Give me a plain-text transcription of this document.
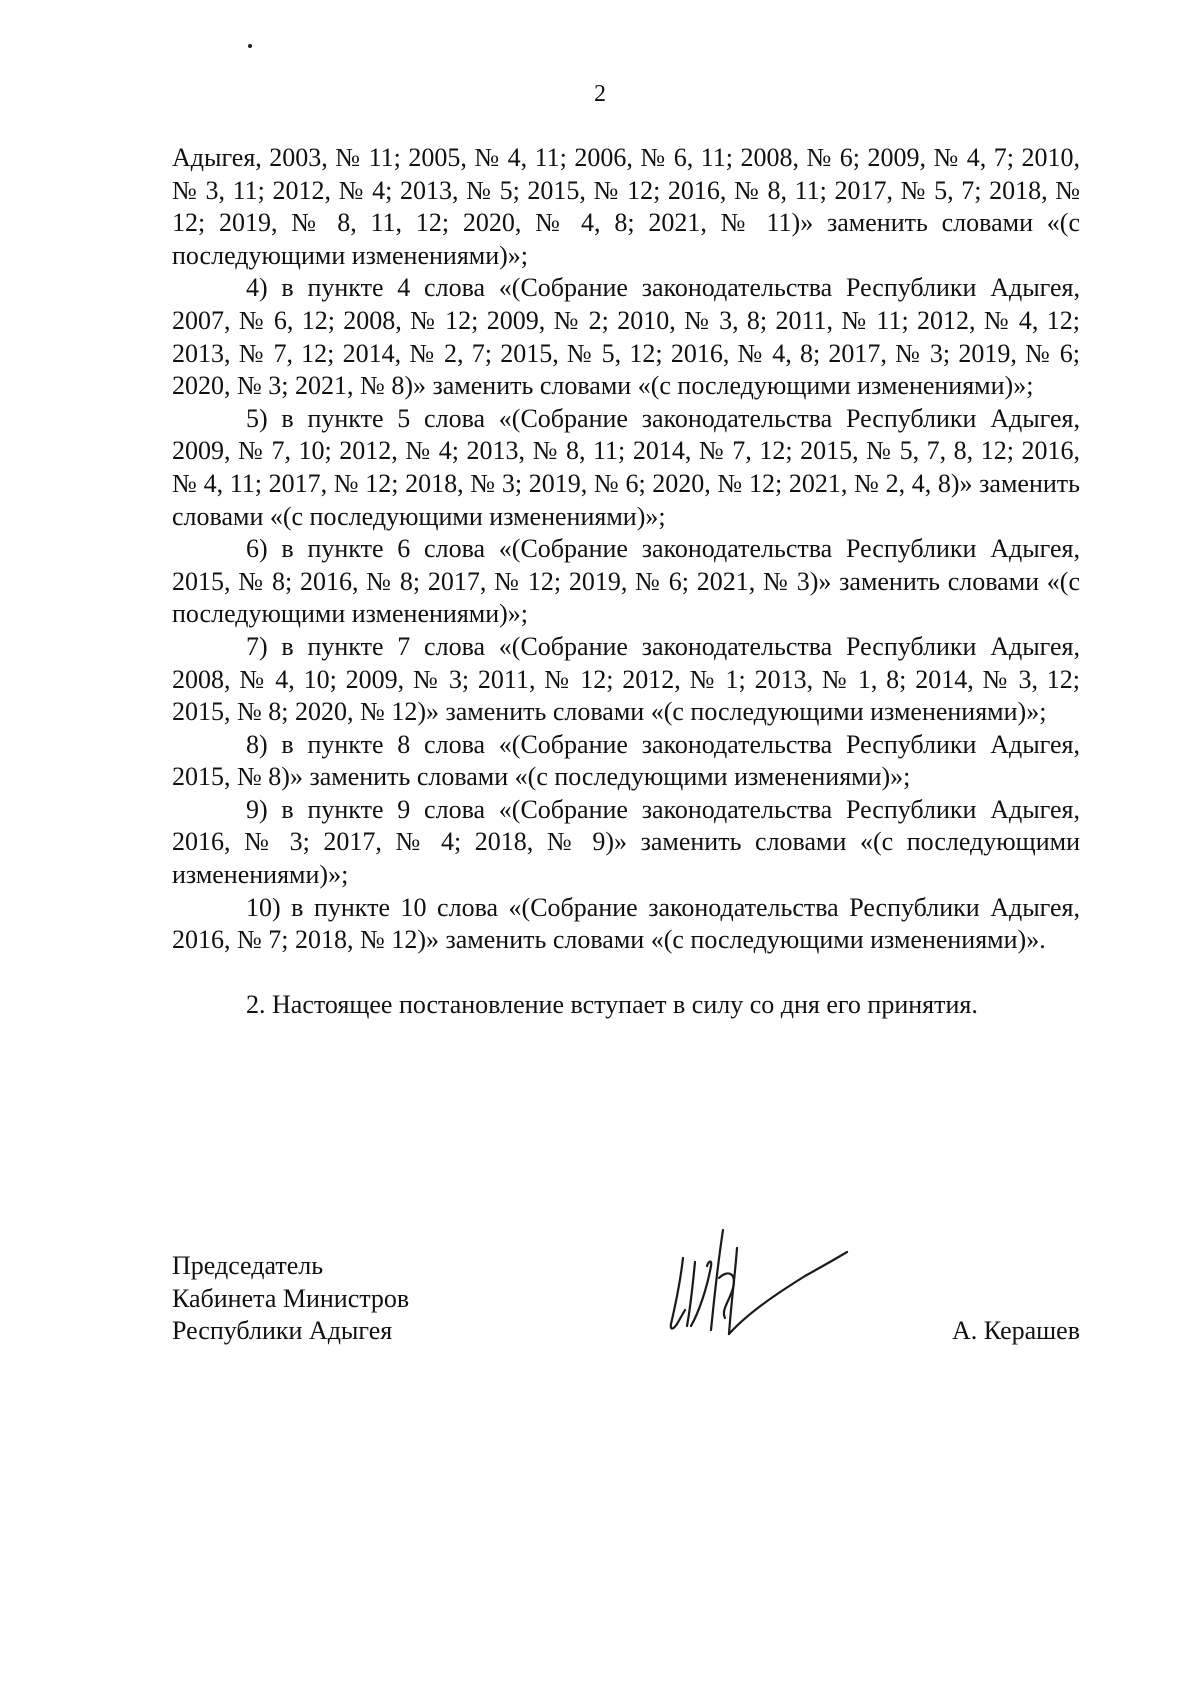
2

Адыгея, 2003, № 11; 2005, № 4, 11; 2006, № 6, 11; 2008, № 6; 2009, № 4, 7; 2010, № 3, 11; 2012, № 4; 2013, № 5; 2015, № 12; 2016, № 8, 11; 2017, № 5, 7; 2018, № 12; 2019, № 8, 11, 12; 2020, № 4, 8; 2021, № 11)» заменить словами «(с последующими изменениями)»;

4) в пункте 4 слова «(Собрание законодательства Республики Адыгея, 2007, № 6, 12; 2008, № 12; 2009, № 2; 2010, № 3, 8; 2011, № 11; 2012, № 4, 12; 2013, № 7, 12; 2014, № 2, 7; 2015, № 5, 12; 2016, № 4, 8; 2017, № 3; 2019, № 6; 2020, № 3; 2021, № 8)» заменить словами «(с последующими изменениями)»;

5) в пункте 5 слова «(Собрание законодательства Республики Адыгея, 2009, № 7, 10; 2012, № 4; 2013, № 8, 11; 2014, № 7, 12; 2015, № 5, 7, 8, 12; 2016, № 4, 11; 2017, № 12; 2018, № 3; 2019, № 6; 2020, № 12; 2021, № 2, 4, 8)» заменить словами «(с последующими изменениями)»;

6) в пункте 6 слова «(Собрание законодательства Республики Адыгея, 2015, № 8; 2016, № 8; 2017, № 12; 2019, № 6; 2021, № 3)» заменить словами «(с последующими изменениями)»;

7) в пункте 7 слова «(Собрание законодательства Республики Адыгея, 2008, № 4, 10; 2009, № 3; 2011, № 12; 2012, № 1; 2013, № 1, 8; 2014, № 3, 12; 2015, № 8; 2020, № 12)» заменить словами «(с последующими изменениями)»;

8) в пункте 8 слова «(Собрание законодательства Республики Адыгея, 2015, № 8)» заменить словами «(с последующими изменениями)»;

9) в пункте 9 слова «(Собрание законодательства Республики Адыгея, 2016, № 3; 2017, № 4; 2018, № 9)» заменить словами «(с последующими изменениями)»;

10) в пункте 10 слова «(Собрание законодательства Республики Адыгея, 2016, № 7; 2018, № 12)» заменить словами «(с последующими изменениями)».

2. Настоящее постановление вступает в силу со дня его принятия.

Председатель
Кабинета Министров
Республики Адыгея	А. Керашев
